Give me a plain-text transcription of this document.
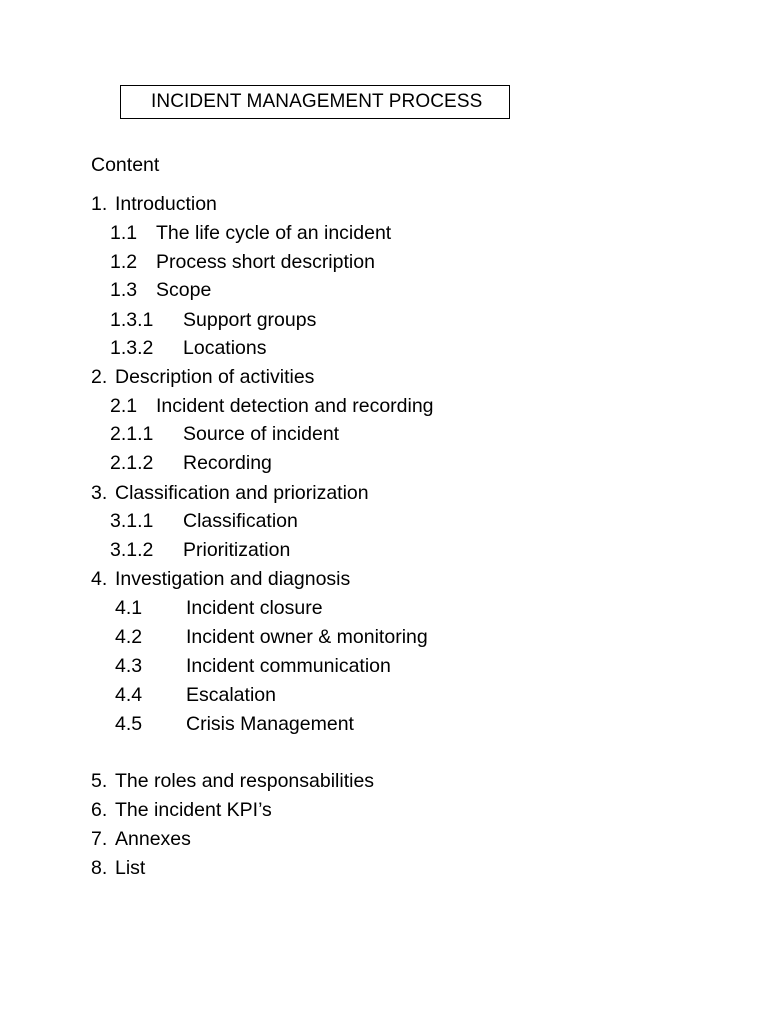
INCIDENT MANAGEMENT PROCESS
Content
1. Introduction
1.1 The life cycle of an incident
1.2 Process short description
1.3 Scope
1.3.1 Support groups
1.3.2 Locations
2. Description of activities
2.1 Incident detection and recording
2.1.1 Source of incident
2.1.2 Recording
3. Classification and priorization
3.1.1 Classification
3.1.2 Prioritization
4. Investigation and diagnosis
4.1 Incident closure
4.2 Incident owner & monitoring
4.3 Incident communication
4.4 Escalation
4.5 Crisis Management
5. The roles and responsabilities
6. The incident KPI’s
7. Annexes
8. List
